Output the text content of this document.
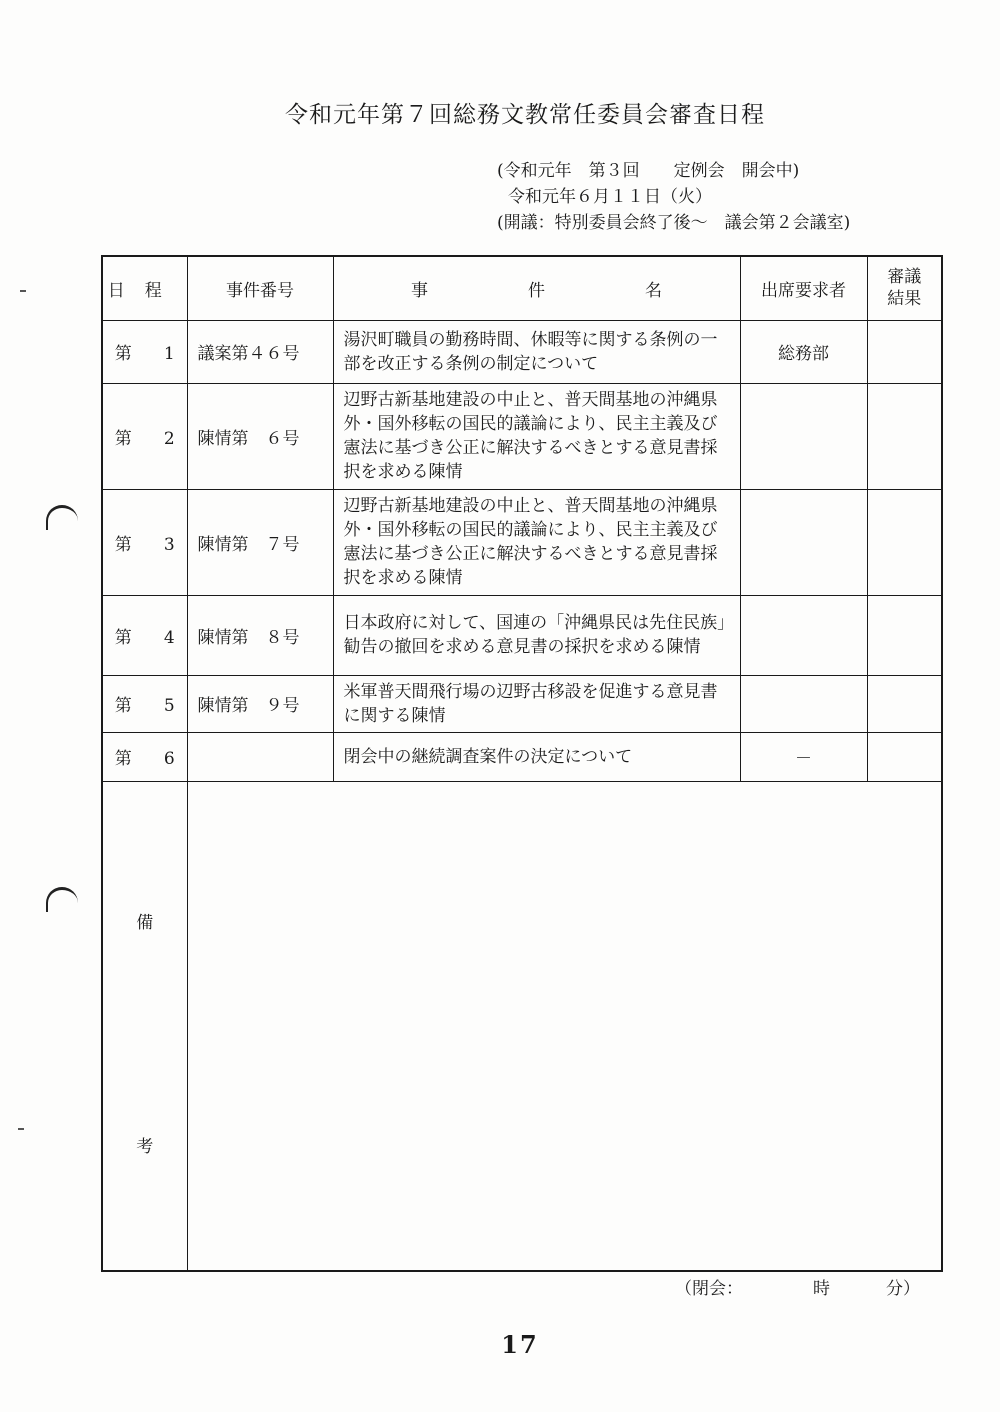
令和元年第７回総務文教常任委員会審査日程
(令和元年　第３回　　定例会　開会中)
令和元年６月１１日（火）
(開議：特別委員会終了後～　議会第２会議室)
日程	事件番号	事 件 名	出席要求者	審議
結果

第 1	議案第４６号	湯沢町職員の勤務時間、休暇等に関する条例の一部を改正する条例の制定について	総務部	
第 2	陳情第　６号	辺野古新基地建設の中止と、普天間基地の沖縄県外・国外移転の国民的議論により、民主主義及び憲法に基づき公正に解決するべきとする意見書採択を求める陳情		
第 3	陳情第　７号	辺野古新基地建設の中止と、普天間基地の沖縄県外・国外移転の国民的議論により、民主主義及び憲法に基づき公正に解決するべきとする意見書採択を求める陳情		
第 4	陳情第　８号	日本政府に対して、国連の「沖縄県民は先住民族」勧告の撤回を求める意見書の採択を求める陳情		
第 5	陳情第　９号	米軍普天間飛行場の辺野古移設を促進する意見書に関する陳情		
第 6		閉会中の継続調査案件の決定について	－	

備
考				

（閉会：	時	分）
17
